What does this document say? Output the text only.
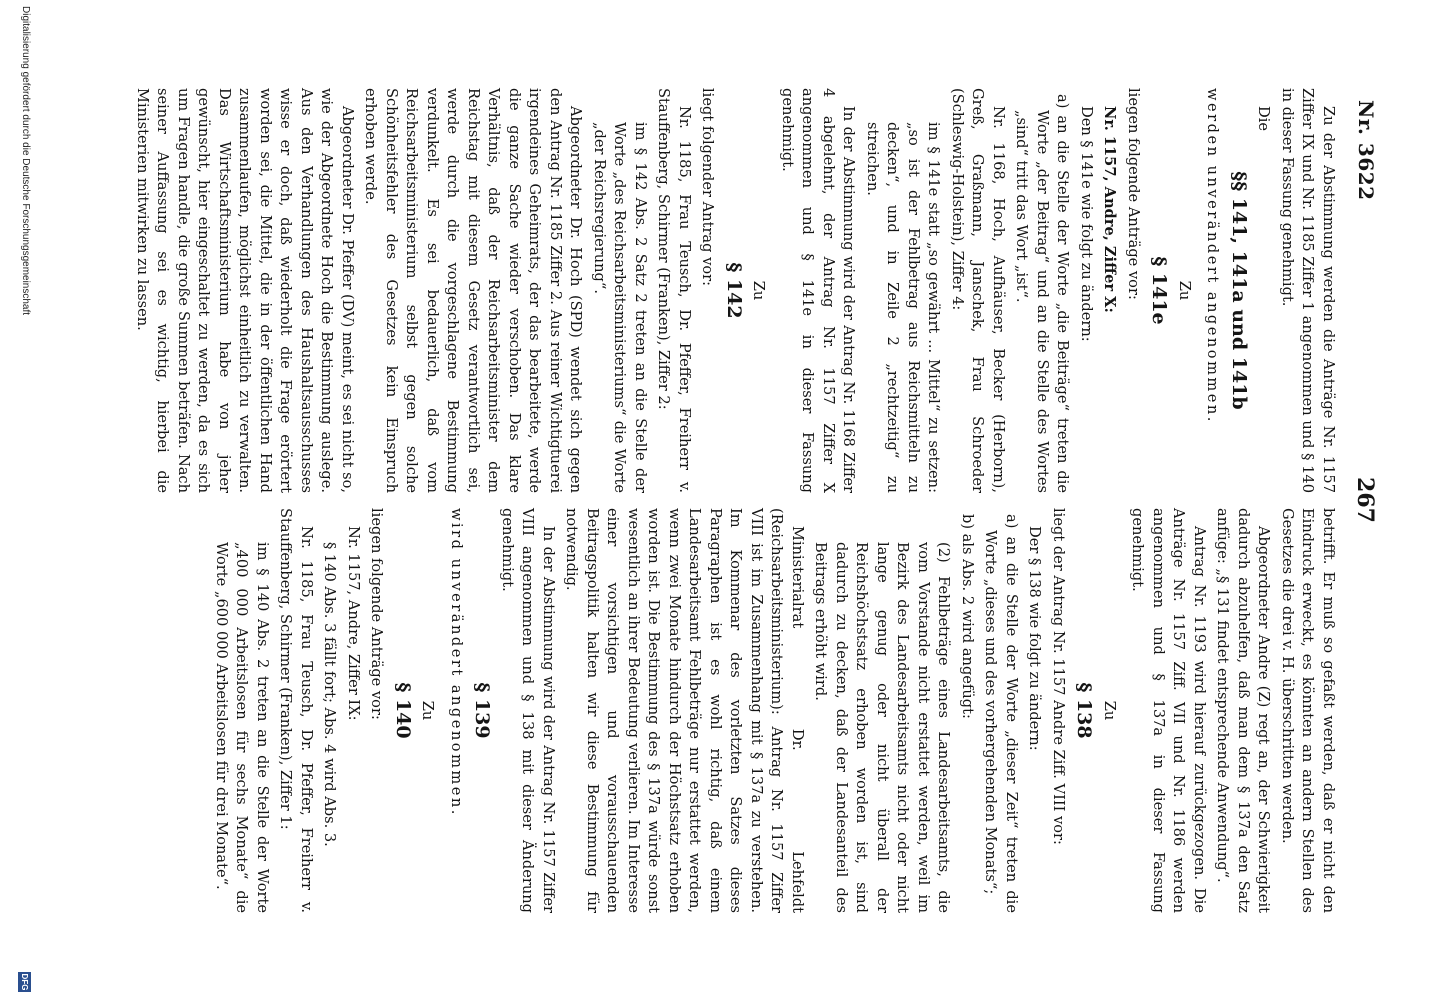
Nr. 3622
267

Zu der Abstimmung werden die Anträge Nr. 1157 Ziffer IX und Nr. 1185 Ziffer 1 angenommen und § 140 in dieser Fassung genehmigt.

Die

§§ 141, 141a und 141b

werden unverändert angenommen.

Zu

§ 141e

liegen folgende Anträge vor:

Nr. 1157, Andre, Ziffer X:

Den § 141e wie folgt zu ändern:

a) an die Stelle der Worte „die Beiträge“ treten die Worte „der Beitrag“ und an die Stelle des Wortes „sind“ tritt das Wort „ist“.

Nr. 1168, Hoch, Aufhäuser, Becker (Herborn), Greß, Graßmann, Janschek, Frau Schroeder (Schleswig-Holstein), Ziffer 4:

im § 141e statt „so gewährt ... Mittel“ zu setzen: „so ist der Fehlbetrag aus Reichsmitteln zu decken“, und in Zeile 2 „rechtzeitig“ zu streichen.

In der Abstimmung wird der Antrag Nr. 1168 Ziffer 4 abgelehnt, der Antrag Nr. 1157 Ziffer X angenommen und § 141e in dieser Fassung genehmigt.

Zu

§ 142

liegt folgender Antrag vor:

Nr. 1185, Frau Teusch, Dr. Pfeffer, Freiherr v. Stauffenberg, Schirmer (Franken), Ziffer 2:

im § 142 Abs. 2 Satz 2 treten an die Stelle der Worte „des Reichsarbeitsministeriums“ die Worte „der Reichsregierung“.

Abgeordneter Dr. Hoch (SPD) wendet sich gegen den Antrag Nr. 1185 Ziffer 2. Aus reiner Wichtigtuerei irgendeines Geheimrats, der das bearbeitete, werde die ganze Sache wieder verschoben. Das klare Verhältnis, daß der Reichsarbeitsminister dem Reichstag mit diesem Gesetz verantwortlich sei, werde durch die vorgeschlagene Bestimmung verdunkelt. Es sei bedauerlich, daß vom Reichsarbeitsministerium selbst gegen solche Schönheitsfehler des Gesetzes kein Einspruch erhoben werde.

Abgeordneter Dr. Pfeffer (DV) meint, es sei nicht so, wie der Abgeordnete Hoch die Bestimmung auslege. Aus den Verhandlungen des Haushaltsausschusses wisse er doch, daß wiederholt die Frage erörtert worden sei, die Mittel, die in der öffentlichen Hand zusammenlaufen, möglichst einheitlich zu verwalten. Das Wirtschaftsministerium habe von jeher gewünscht, hier eingeschaltet zu werden, da es sich um Fragen handle, die große Summen beträfen. Nach seiner Auffassung sei es wichtig, hierbei die Ministerien mitwirken zu lassen.

betrifft. Er muß so gefaßt werden, daß er nicht den Eindruck erweckt, es könnten an andern Stellen des Gesetzes die drei v. H. überschritten werden.

Abgeordneter Andre (Z) regt an, der Schwierigkeit dadurch abzuhelfen, daß man dem § 137a den Satz anfüge: „§ 131 findet entsprechende Anwendung“.

Antrag Nr. 1193 wird hierauf zurückgezogen. Die Anträge Nr. 1157 Ziff. VII und Nr. 1186 werden angenommen und § 137a in dieser Fassung genehmigt.

Zu

§ 138

liegt der Antrag Nr. 1157 Andre Ziff. VIII vor:

Der § 138 wie folgt zu ändern:

a) an die Stelle der Worte „dieser Zeit“ treten die Worte „dieses und des vorhergehenden Monats“;

b) als Abs. 2 wird angefügt:

(2) Fehlbeträge eines Landesarbeitsamts, die vom Vorstande nicht erstattet werden, weil im Bezirk des Landesarbeitsamts nicht oder nicht lange genug oder nicht überall der Reichshöchstsatz erhoben worden ist, sind dadurch zu decken, daß der Landesanteil des Beitrags erhöht wird.

Ministerialrat Dr. Lehfeldt (Reichsarbeitsministerium): Antrag Nr. 1157 Ziffer VIII ist im Zusammenhang mit § 137a zu verstehen. Im Kommenar des vorletzten Satzes dieses Paragraphen ist es wohl richtig, daß einem Landesarbeitsamt Fehlbeträge nur erstattet werden, wenn zwei Monate hindurch der Höchstsatz erhoben worden ist. Die Bestimmung des § 137a würde sonst wesentlich an ihrer Bedeutung verlieren. Im Interesse einer vorsichtigen und vorausschauenden Beitragspolitik halten wir diese Bestimmung für notwendig.

In der Abstimmung wird der Antrag Nr. 1157 Ziffer VIII angenommen und § 138 mit dieser Änderung genehmigt.

§ 139

wird unverändert angenommen.

Zu

§ 140

liegen folgende Anträge vor:

Nr. 1157, Andre, Ziffer IX:

§ 140 Abs. 3 fällt fort; Abs. 4 wird Abs. 3.

Nr. 1185, Frau Teusch, Dr. Pfeffer, Freiherr v. Stauffenberg, Schirmer (Franken), Ziffer 1:

im § 140 Abs. 2 treten an die Stelle der Worte „400 000 Arbeitslosen für sechs Monate“ die Worte „600 000 Arbeitslosen für drei Monate“.

Digitalisierung gefördert durch die Deutsche Forschungsgemeinschaft
DFG
